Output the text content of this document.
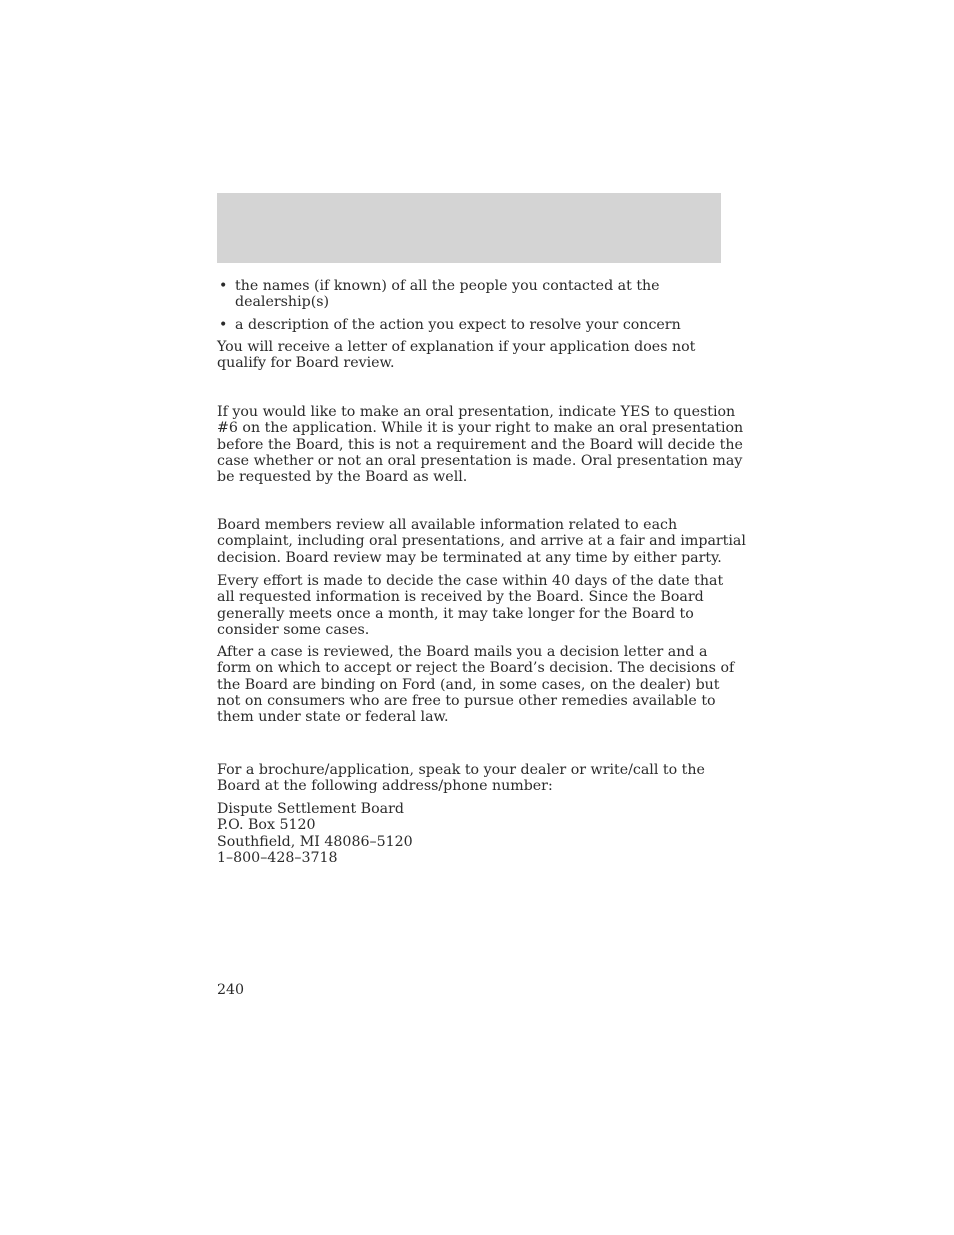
• the names (if known) of all the people you contacted at the
dealership(s)
• a description of the action you expect to resolve your concern
You will receive a letter of explanation if your application does not
qualify for Board review.
If you would like to make an oral presentation, indicate YES to question
#6 on the application. While it is your right to make an oral presentation
before the Board, this is not a requirement and the Board will decide the
case whether or not an oral presentation is made. Oral presentation may
be requested by the Board as well.
Board members review all available information related to each
complaint, including oral presentations, and arrive at a fair and impartial
decision. Board review may be terminated at any time by either party.
Every effort is made to decide the case within 40 days of the date that
all requested information is received by the Board. Since the Board
generally meets once a month, it may take longer for the Board to
consider some cases.
After a case is reviewed, the Board mails you a decision letter and a
form on which to accept or reject the Board’s decision. The decisions of
the Board are binding on Ford (and, in some cases, on the dealer) but
not on consumers who are free to pursue other remedies available to
them under state or federal law.
For a brochure/application, speak to your dealer or write/call to the
Board at the following address/phone number:
Dispute Settlement Board
P.O. Box 5120
Southfield, MI 48086–5120
1–800–428–3718
240
